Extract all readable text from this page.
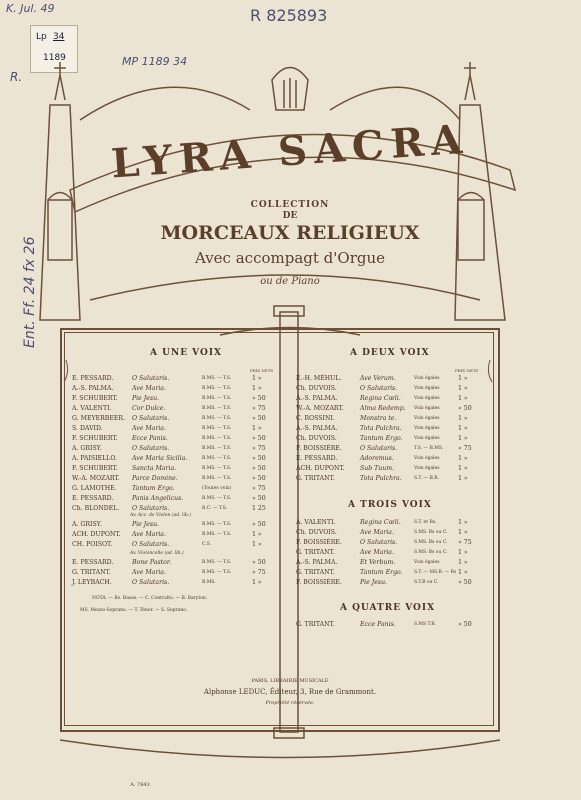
Lp 34
1189
K. Jul. 49	R 825893
R.
Ent. Ff. 24 fx 26
MP 1189 34
LYRA SACRA
COLLECTION
DE
MORCEAUX RELIGIEUX
Avec accompagt d'Orgue
ou de Piano
A UNE VOIX
PRIX NETS
A DEUX VOIX
PRIX NETS
A TROIS VOIX
A QUATRE VOIX
E. PESSARD.	O Salutaris.	B.MS. — T.S.	1 »
A.-S. PALMA.	Ave Maria.	B.MS. — T.S.	1 »
F. SCHUBERT.	Pie Jesu.	B.MS. — T.S.	» 50
A. VALENTI.	Cor Dulce.	B.MS. — T.S.	» 75
G. MEYERBEER.	O Salutaris.	B.MS. — T.S.	» 50
S. DAVID.	Ave Maria.	B.MS. — T.S.	1 »
F. SCHUBERT.	Ecce Panis.	B.MS. — T.S.	» 50
A. GRISY.	O Salutaris.	B.MS. — T.S.	» 75
A. PAISIELLO.	Ave Maria Sicilia.	B.MS. — T.S.	» 50
F. SCHUBERT.	Sancta Maria.	B.MS. — T.S.	» 50
W.-A. MOZART.	Parce Domine.	B.MS. — T.S.	» 50
G. LAMOTHE.	Tantum Ergo.	(Toutes voix)	» 75
E. PESSARD.	Panis Angelicus.	B.MS. — T.S.	» 50
Ch. BLONDEL.	O Salutaris.	B.C. — T.S.	1 25
Av. Acc. de Violon (ad. lib.)
A. GRISY.	Pie Jesu.	B.MS. — T.S.	» 50
ACH. DUPONT.	Ave Maria.	B.MS. — T.S.	1 »
CH. POISOT.	O Salutaris.	C.S.	1 »
Av. Violoncelle (ad. lib.)
E. PESSARD.	Bone Pastor.	B.MS. — T.S.	» 50
G. TRITANT.	Ave Maria.	B.MS. — T.S.	» 75
J. LEYBACH.	O Salutaris.	B.MS.	1 »
E.-H. MÉHUL.	Ave Verum.	Voix égales	1 »
Ch. DUVOIS.	O Salutaris.	Voix égales	1 »
A.-S. PALMA.	Regina Cœli.	Voix égales	1 »
W.-A. MOZART.	Alma Redemp. Voix égales	» 50
C. ROSSINI.	Monstra te.	Voix égales	1 »
A.-S. PALMA.	Tota Pulchra.	Voix égales	1 »
Ch. DUVOIS.	Tantum Ergo.	Voix égales	1 »
F. BOISSIÈRE.	O Salutaris.	T.S. — B.MS. » 75
E. PESSARD.	Adoremus.	Voix égales	1 »
ACH. DUPONT.	Sub Tuum.	Voix égales	1 »
G. TRITANT.	Tota Pulchra.	S.T. — B.B.	1 »
A. VALENTI.	Regina Cœli.	S.T. et Bs.	1 »
Ch. DUVOIS.	Ave Maria.	S.MS. Bs ou C. 1 »
F. BOISSIÈRE.	O Salutaris.	S.MS. Bs ou C. » 75
G. TRITANT.	Ave Maria.	S.MS. Bs ou C. 1 »
A.-S. PALMA.	Et Verbum.	Voix égales	1 »
G. TRITANT.	Tantum Ergo.	S.T. — MS.B. — Bs 1 »
F. BOISSIÈRE.	Pie Jesu.	S.T.B ou C.	» 50
G. TRITANT.	Ecce Panis.	S.MS T.B.	» 50
NOTA. — Bs. Basse. — C. Contralto. — B. Baryton.
MS. Mezzo-Soprano. — T. Ténor. — S. Soprano.
PARIS, LIBRAIRIE MUSICALE
Alphonse LEDUC, Éditeur, 3, Rue de Grammont.
Propriété réservée.
A. 7843
